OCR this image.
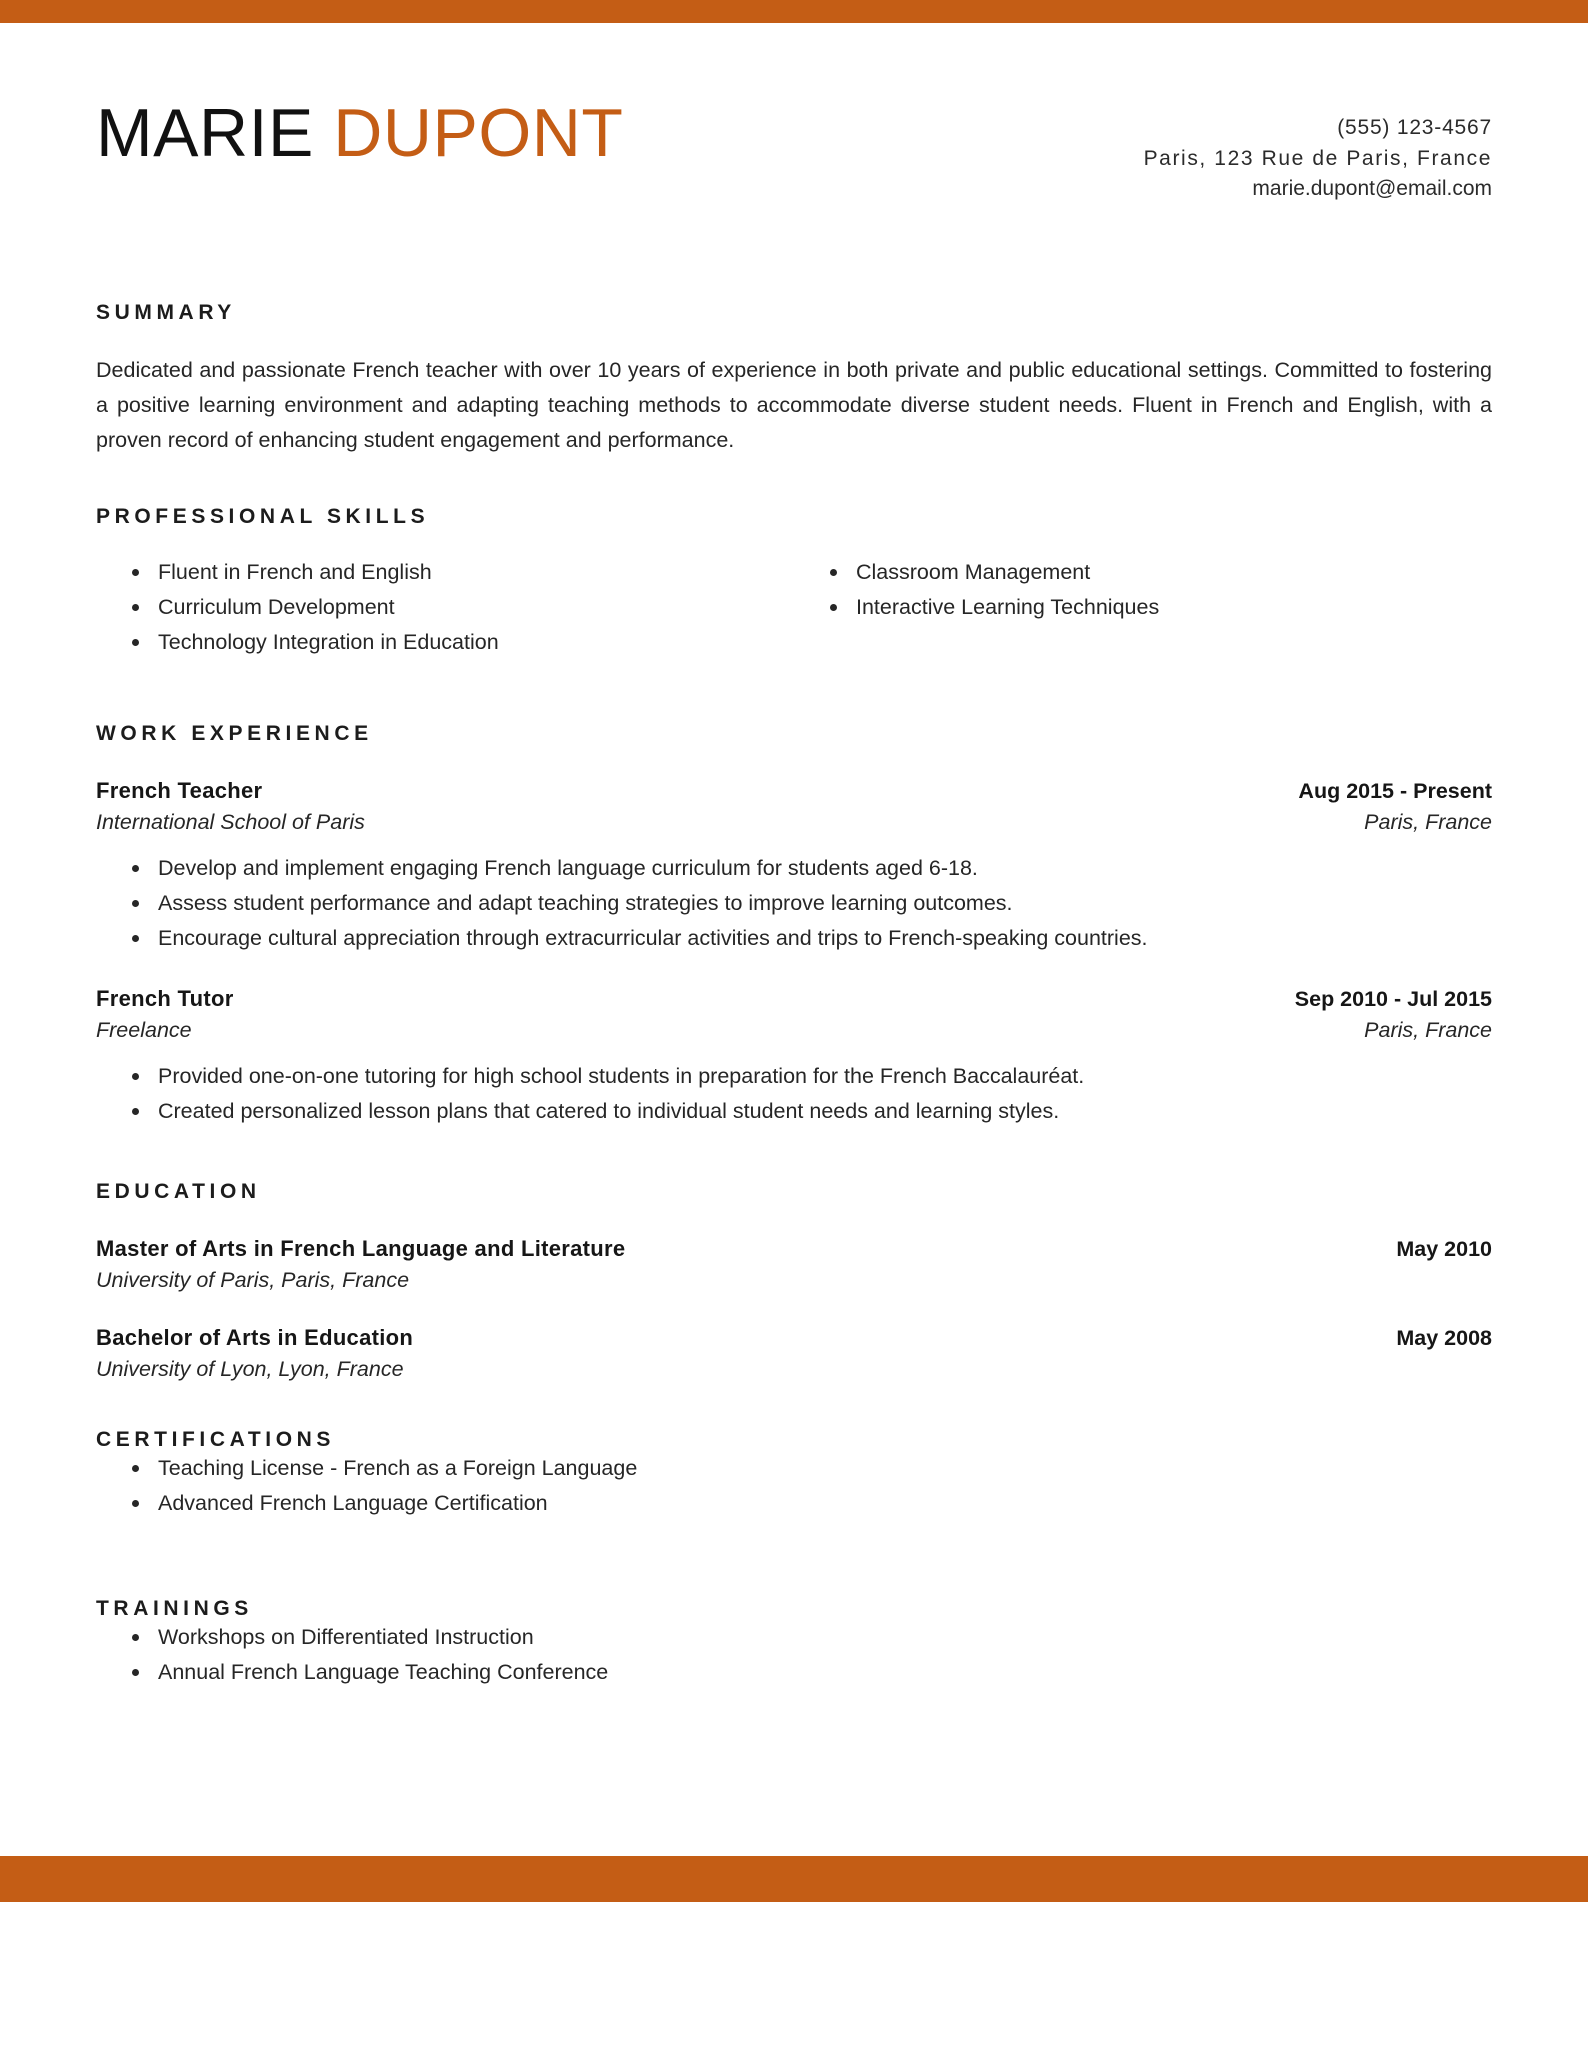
MARIE DUPONT	(555) 123-4567
Paris, 123 Rue de Paris, France
marie.dupont@email.com
SUMMARY
Dedicated and passionate French teacher with over 10 years of experience in both private and public educational settings. Committed to fostering a positive learning environment and adapting teaching methods to accommodate diverse student needs. Fluent in French and English, with a proven record of enhancing student engagement and performance.
PROFESSIONAL SKILLS
Fluent in French and English
Curriculum Development
Technology Integration in Education
Classroom Management
Interactive Learning Techniques
WORK EXPERIENCE
French Teacher	Aug 2015 - Present
International School of Paris	Paris, France
Develop and implement engaging French language curriculum for students aged 6-18.
Assess student performance and adapt teaching strategies to improve learning outcomes.
Encourage cultural appreciation through extracurricular activities and trips to French-speaking countries.
French Tutor	Sep 2010 - Jul 2015
Freelance	Paris, France
Provided one-on-one tutoring for high school students in preparation for the French Baccalauréat.
Created personalized lesson plans that catered to individual student needs and learning styles.
EDUCATION
Master of Arts in French Language and Literature	May 2010
University of Paris, Paris, France
Bachelor of Arts in Education	May 2008
University of Lyon, Lyon, France
CERTIFICATIONS
Teaching License - French as a Foreign Language
Advanced French Language Certification
TRAININGS
Workshops on Differentiated Instruction
Annual French Language Teaching Conference
